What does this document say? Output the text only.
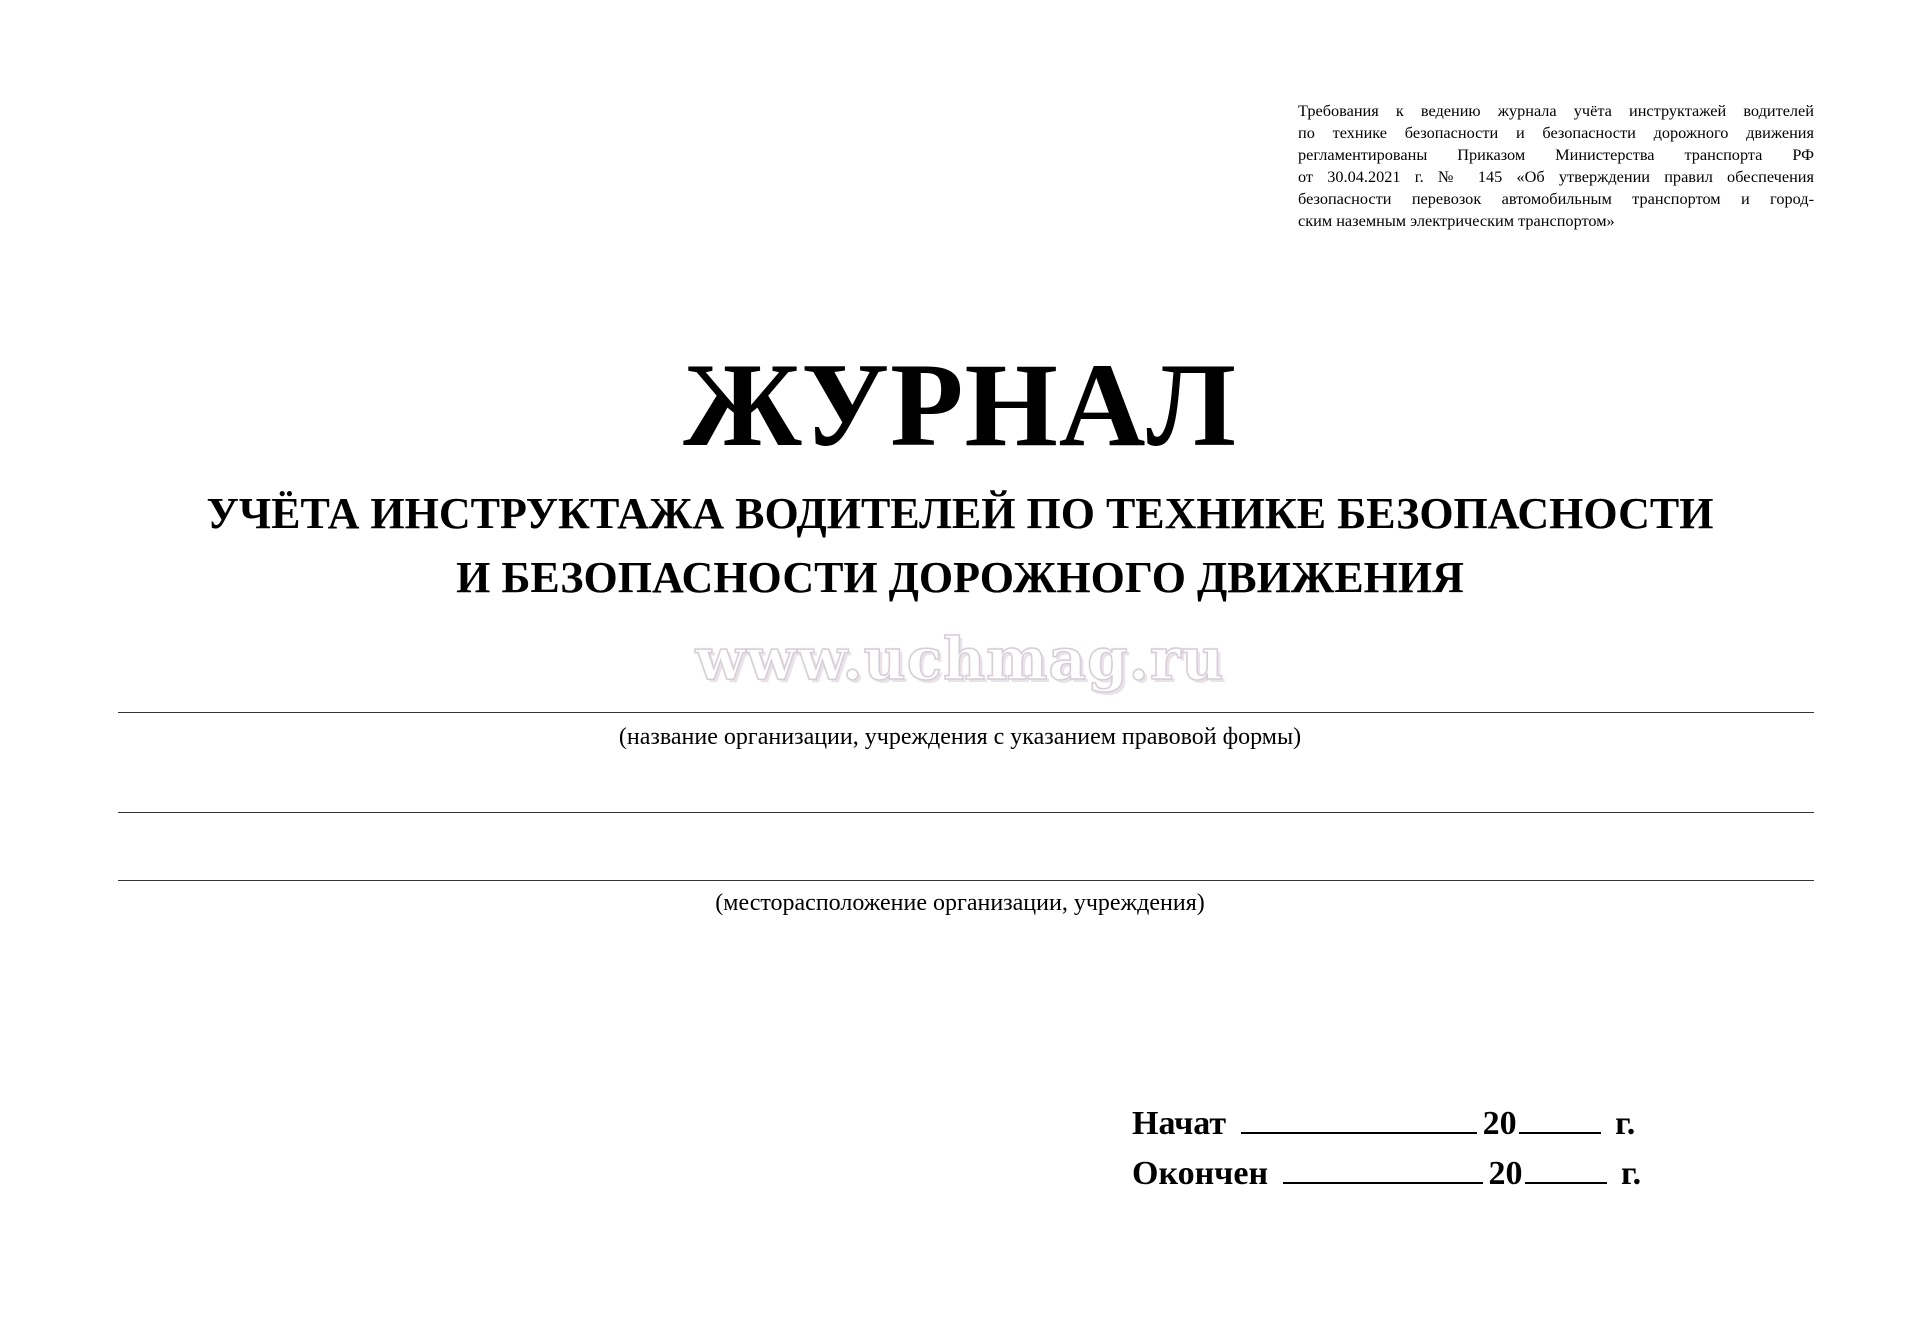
Требования к ведению журнала учёта инструктажей водителей
по технике безопасности и безопасности дорожного движения
регламентированы Приказом Министерства транспорта РФ
от 30.04.2021 г. № 145 «Об утверждении правил обеспечения
безопасности перевозок автомобильным транспортом и город-
ским наземным электрическим транспортом»
ЖУРНАЛ
УЧЁТА ИНСТРУКТАЖА ВОДИТЕЛЕЙ ПО ТЕХНИКЕ БЕЗОПАСНОСТИ
И БЕЗОПАСНОСТИ ДОРОЖНОГО ДВИЖЕНИЯ
www.uchmag.ru
(название организации, учреждения с указанием правовой формы)
(месторасположение организации, учреждения)
Начат	20	г.
Окончен	20	г.
